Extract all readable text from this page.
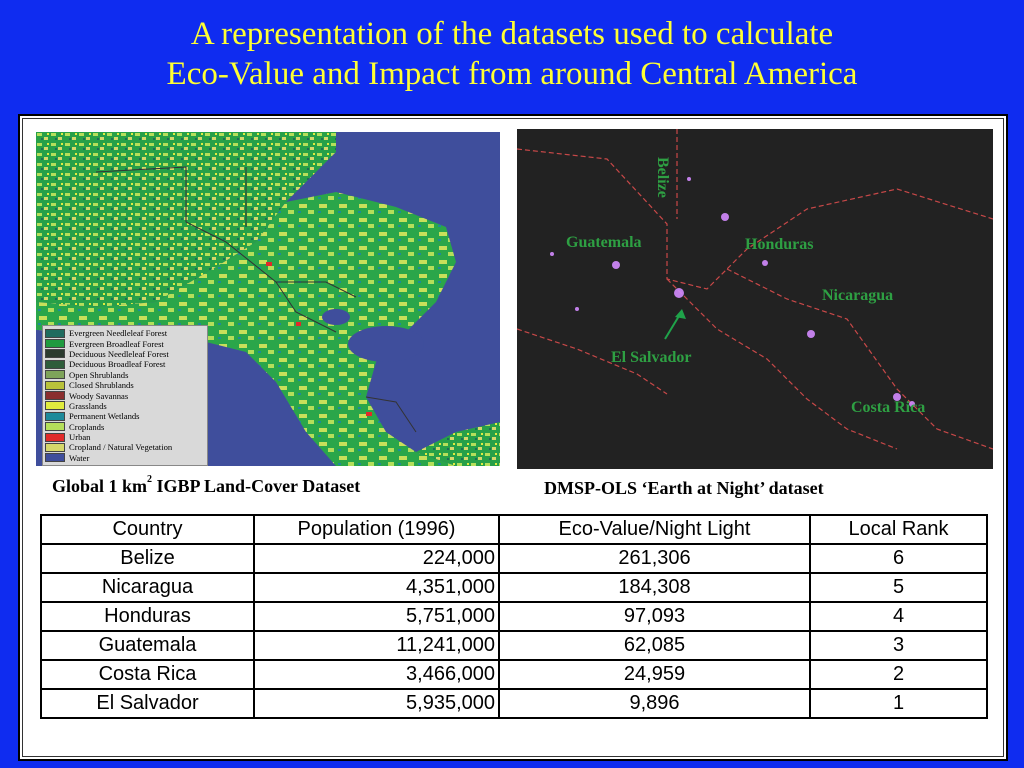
A representation of the datasets used to calculate
Eco-Value and Impact from around Central America
Evergreen Needleleaf Forest
Evergreen Broadleaf Forest
Deciduous Needleleaf Forest
Deciduous Broadleaf Forest
Open Shrublands
Closed Shrublands
Woody Savannas
Grasslands
Permanent Wetlands
Croplands
Urban
Cropland / Natural Vegetation
Water
Global 1 $km^2$ IGBP Land-Cover Dataset
Belize
Guatemala	Honduras
Nicaragua
El Salvador
Costa Rica
DMSP-OLS ‘Earth at Night’ dataset
Country	Population (1996)	Eco-Value/Night Light	Local Rank
Belize	224,000	261,306	6
Nicaragua	4,351,000	184,308	5
Honduras	5,751,000	97,093	4
Guatemala	11,241,000	62,085	3
Costa Rica	3,466,000	24,959	2
El Salvador	5,935,000	9,896	1
